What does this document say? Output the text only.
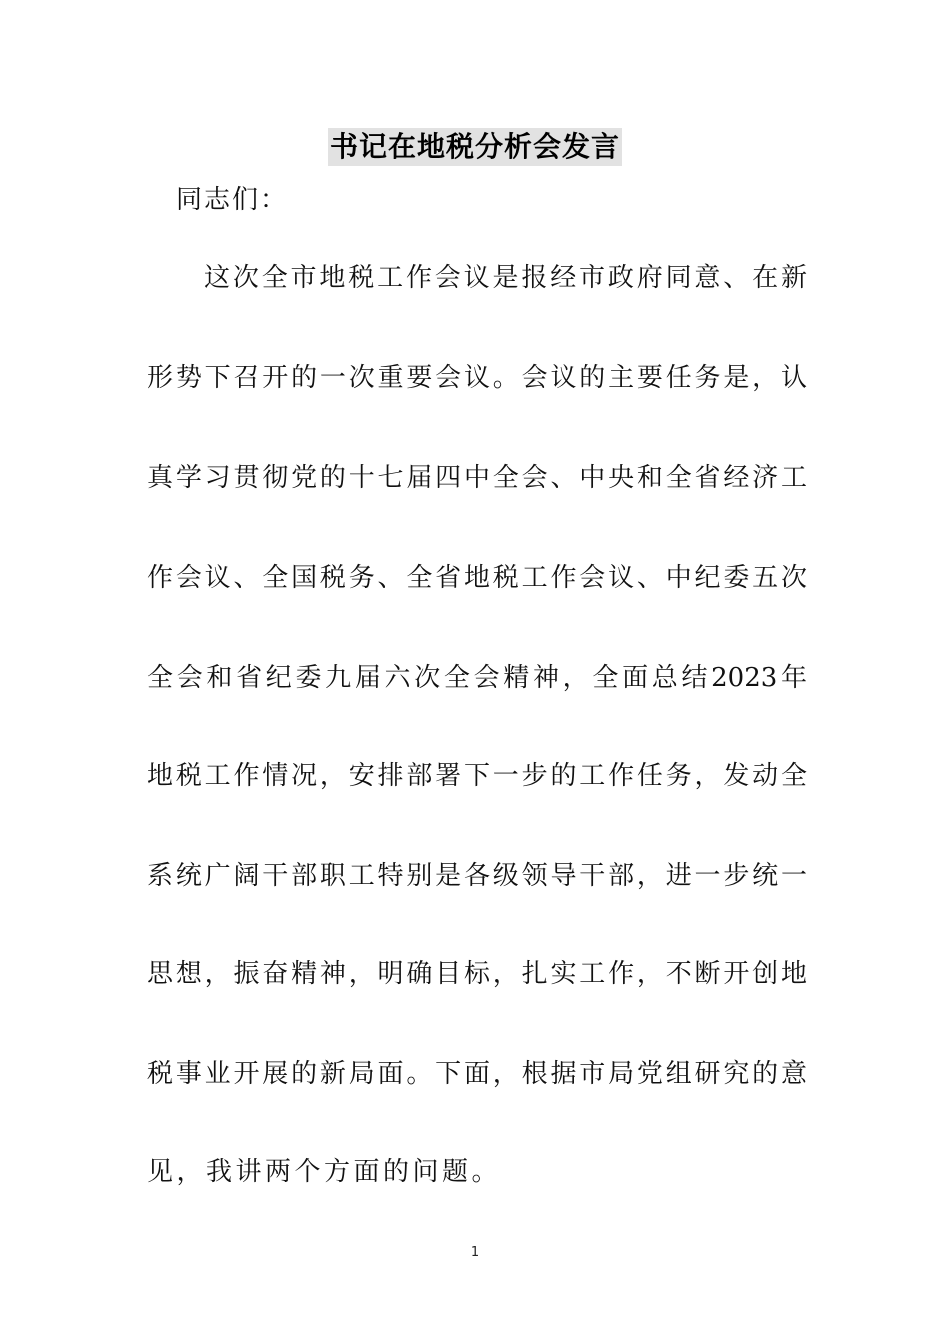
书记在地税分析会发言
同志们：
这次全市地税工作会议是报经市政府同意、在新
形势下召开的一次重要会议。会议的主要任务是，认
真学习贯彻党的十七届四中全会、中央和全省经济工
作会议、全国税务、全省地税工作会议、中纪委五次
全会和省纪委九届六次全会精神，全面总结2023年
地税工作情况，安排部署下一步的工作任务，发动全
系统广阔干部职工特别是各级领导干部，进一步统一
思想，振奋精神，明确目标，扎实工作，不断开创地
税事业开展的新局面。下面，根据市局党组研究的意
见，我讲两个方面的问题。
1
